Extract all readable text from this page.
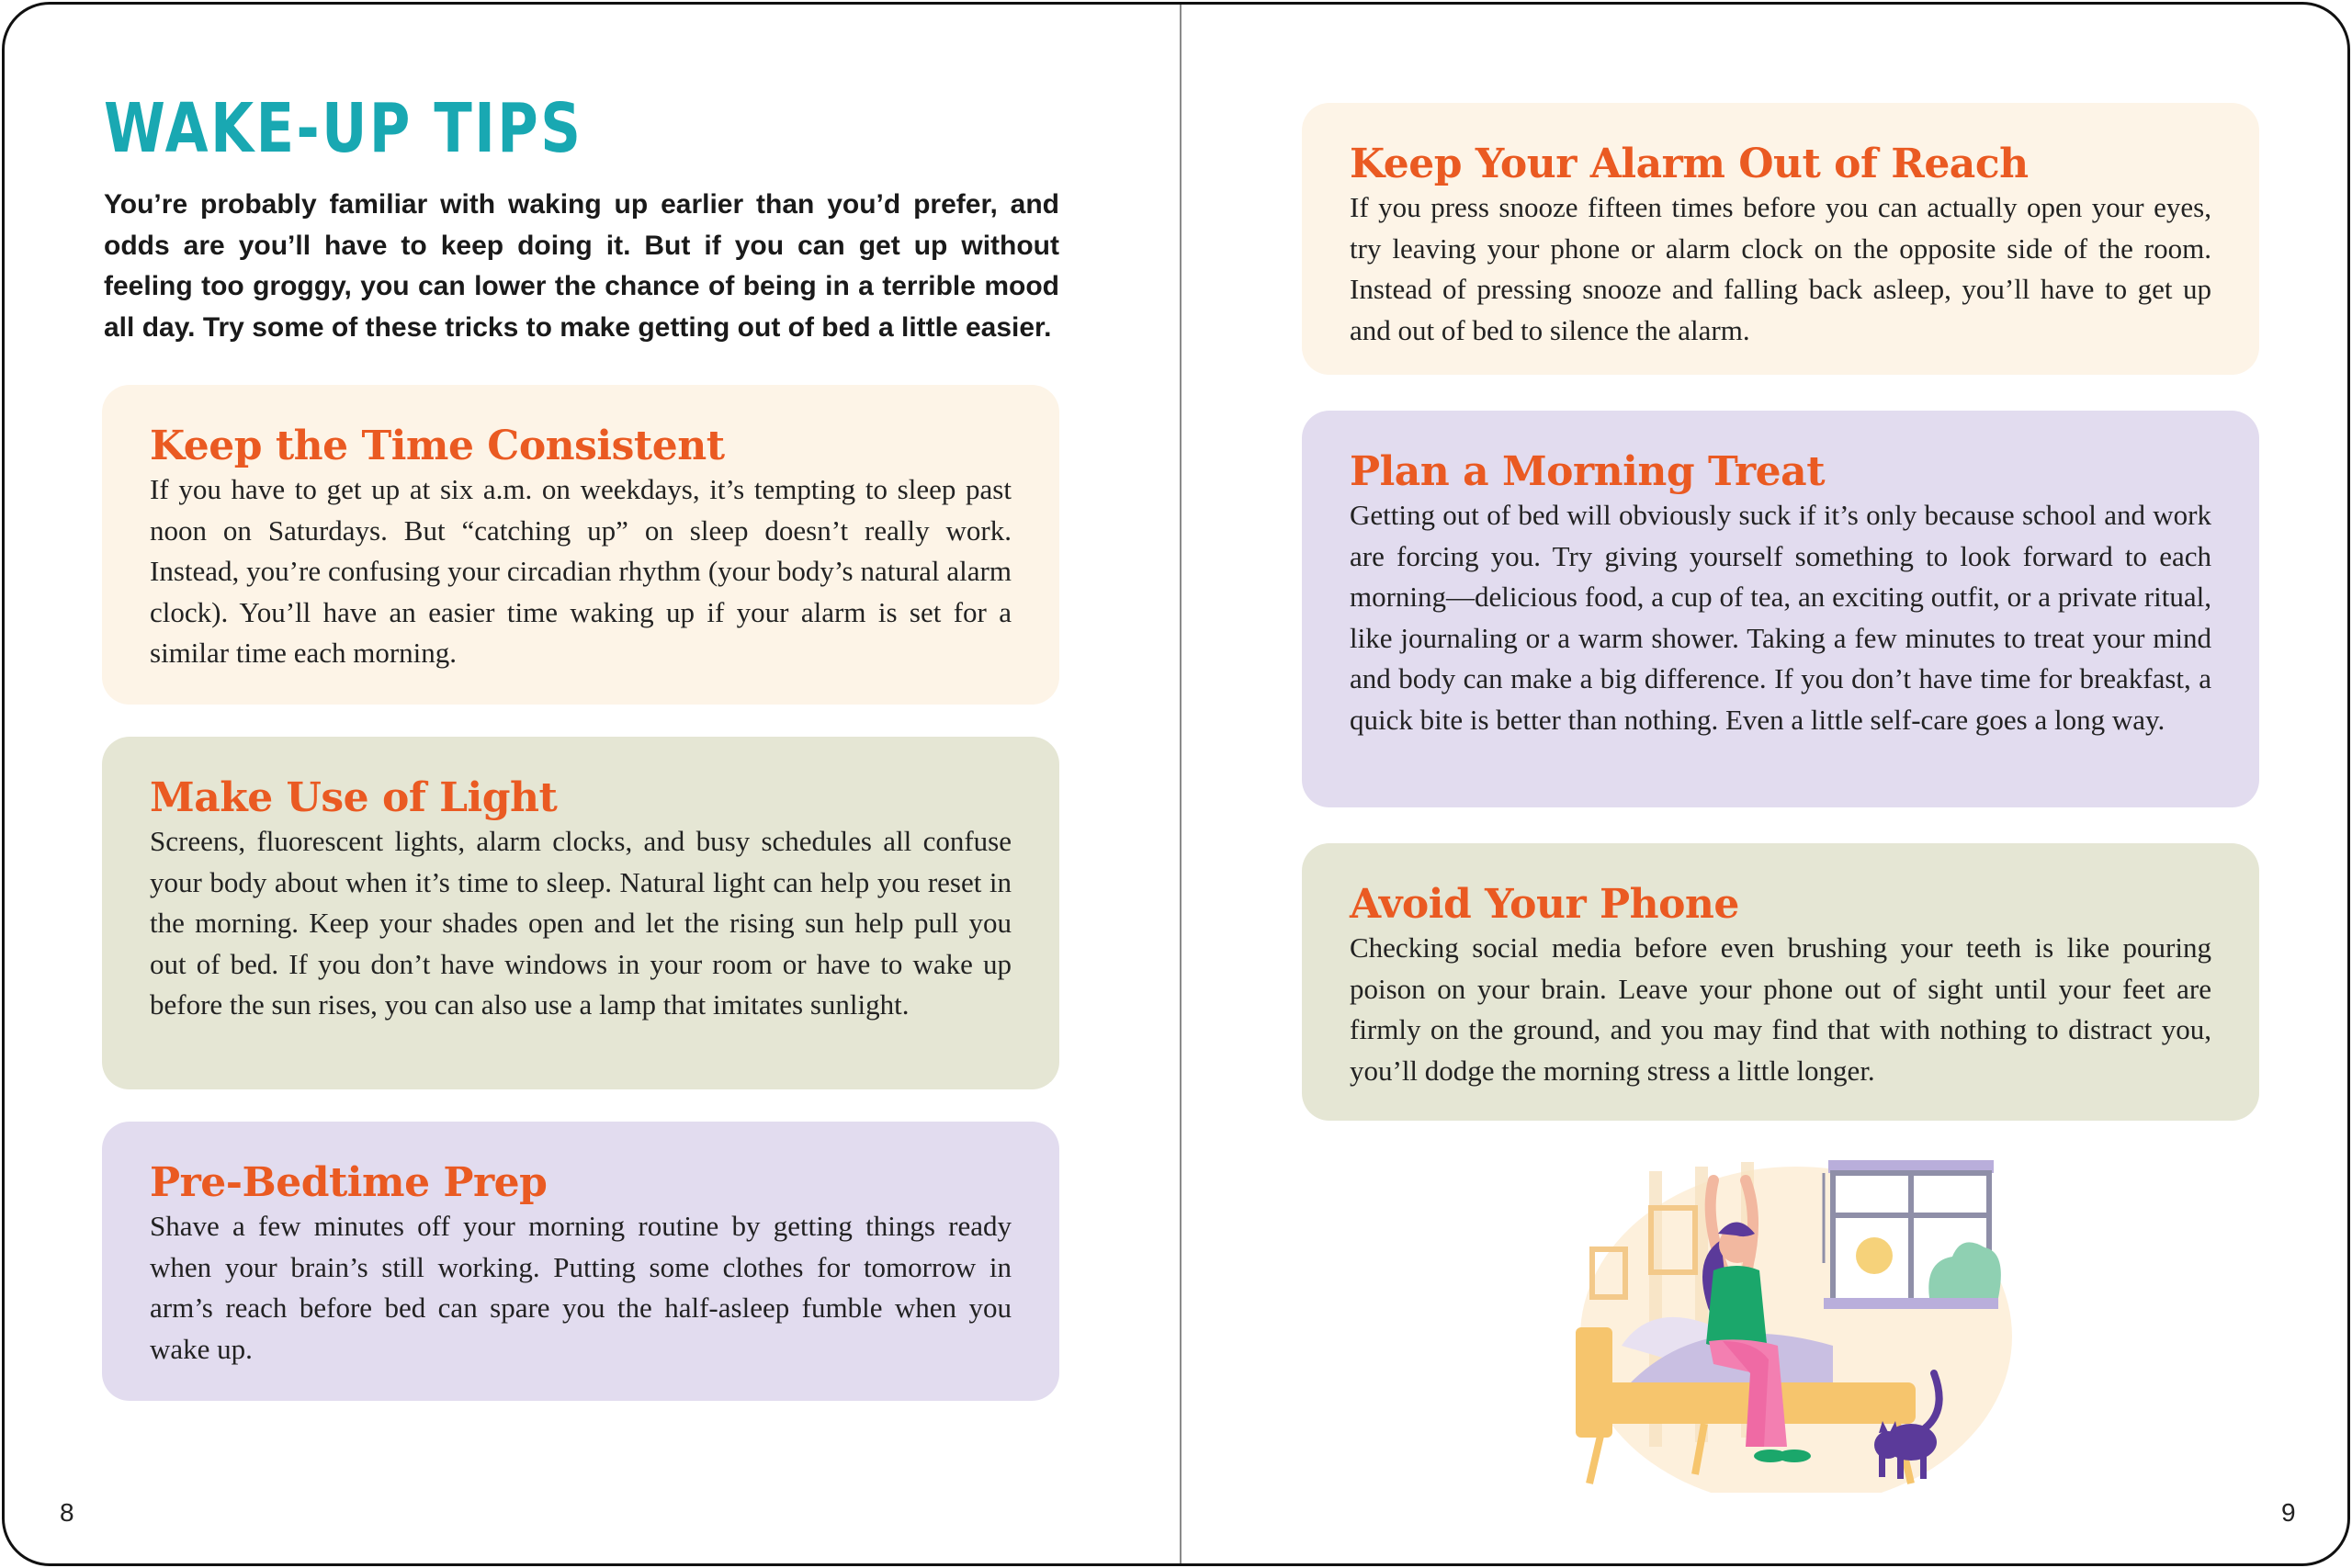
WAKE-UP TIPS

You’re probably familiar with waking up earlier than you’d prefer, and odds are you’ll have to keep doing it. But if you can get up without feeling too groggy, you can lower the chance of being in a terrible mood all day. Try some of these tricks to make getting out of bed a little easier.

Keep the Time Consistent

If you have to get up at six a.m. on weekdays, it’s tempting to sleep past noon on Saturdays. But “catching up” on sleep doesn’t really work. Instead, you’re confusing your circadian rhythm (your body’s natural alarm clock). You’ll have an easier time waking up if your alarm is set for a similar time each morning.

Make Use of Light

Screens, fluorescent lights, alarm clocks, and busy schedules all confuse your body about when it’s time to sleep. Natural light can help you reset in the morning. Keep your shades open and let the rising sun help pull you out of bed. If you don’t have windows in your room or have to wake up before the sun rises, you can also use a lamp that imitates sunlight.

Pre-Bedtime Prep

Shave a few minutes off your morning routine by getting things ready when your brain’s still working. Putting some clothes for tomorrow in arm’s reach before bed can spare you the half-asleep fumble when you wake up.

8
Keep Your Alarm Out of Reach

If you press snooze fifteen times before you can actually open your eyes, try leaving your phone or alarm clock on the opposite side of the room. Instead of pressing snooze and falling back asleep, you’ll have to get up and out of bed to silence the alarm.

Plan a Morning Treat

Getting out of bed will obviously suck if it’s only because school and work are forcing you. Try giving yourself something to look forward to each morning—delicious food, a cup of tea, an exciting outfit, or a private ritual, like journaling or a warm shower. Taking a few minutes to treat your mind and body can make a big difference. If you don’t have time for breakfast, a quick bite is better than nothing. Even a little self-care goes a long way.

Avoid Your Phone

Checking social media before even brushing your teeth is like pouring poison on your brain. Leave your phone out of sight until your feet are firmly on the ground, and you may find that with nothing to distract you, you’ll dodge the morning stress a little longer.

9
